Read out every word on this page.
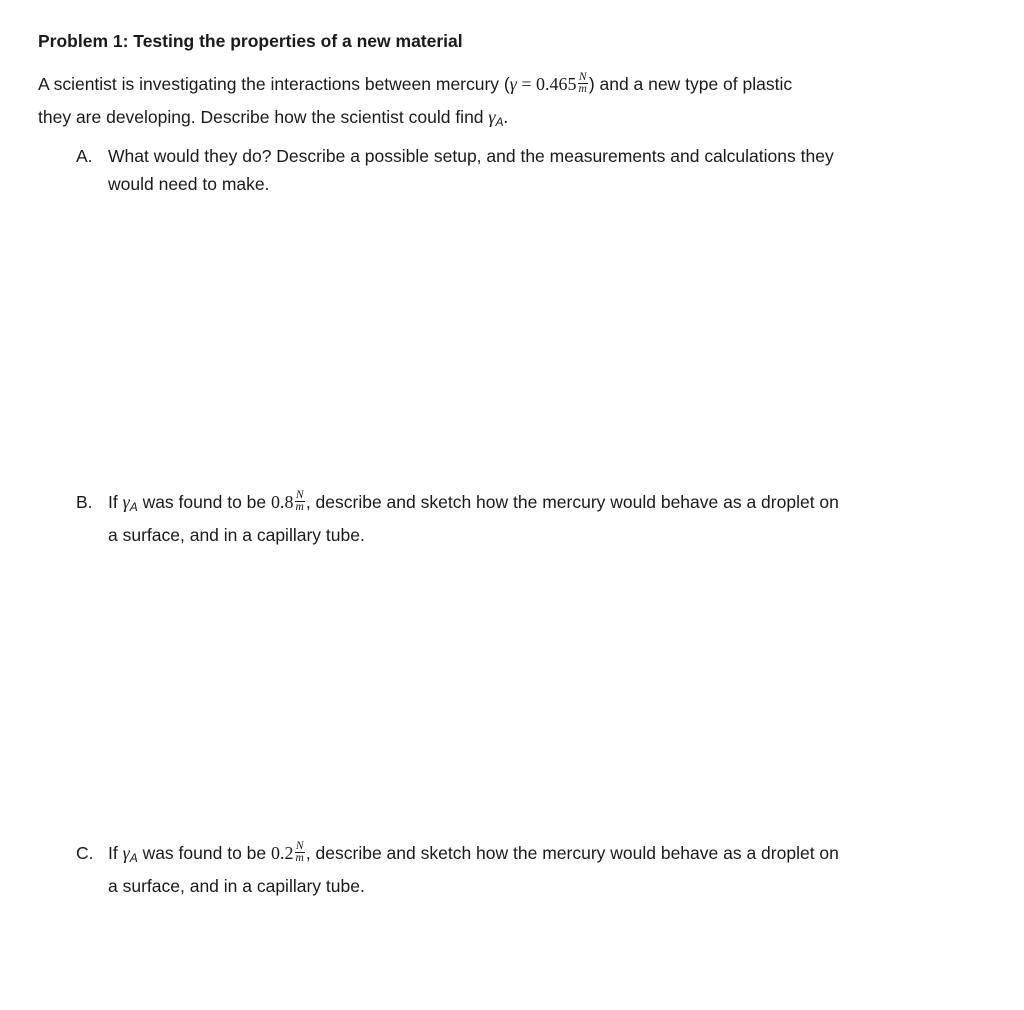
Problem 1: Testing the properties of a new material
A scientist is investigating the interactions between mercury ($\gamma = 0.465 \frac{N}{m}$ ) and a new type of plastic
they are developing. Describe how the scientist could find $\gamma_A$.
A. What would they do? Describe a possible setup, and the measurements and calculations they
would need to make.
B. If $\gamma_A$ was found to be $0.8 \frac{N}{m}$ , describe and sketch how the mercury would behave as a droplet on
a surface, and in a capillary tube.
C. If $\gamma_A$ was found to be $0.2 \frac{N}{m}$ , describe and sketch how the mercury would behave as a droplet on
a surface, and in a capillary tube.
